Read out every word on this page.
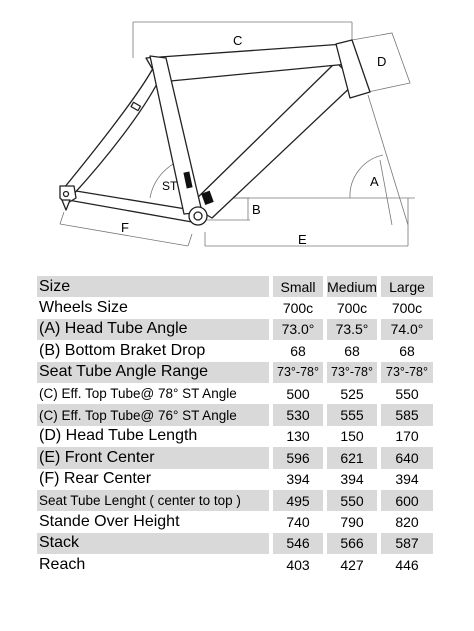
C
D
ST	A
B
E
F
Size		Small		Medium		Large
Wheels Size		700c		700c		700c
(A) Head Tube Angle		73.0°		73.5°		74.0°
(B) Bottom Braket Drop		68		68		68
Seat Tube Angle Range		73°-78°		73°-78°		73°-78°
(C) Eff. Top Tube@ 78° ST Angle		500		525		550
(C) Eff. Top Tube@ 76° ST Angle		530		555		585
(D) Head Tube Length		130		150		170
(E) Front Center		596		621		640
(F) Rear Center		394		394		394
Seat Tube Lenght ( center to top )		495		550		600
Stande Over Height		740		790		820
Stack		546		566		587
Reach		403		427		446
